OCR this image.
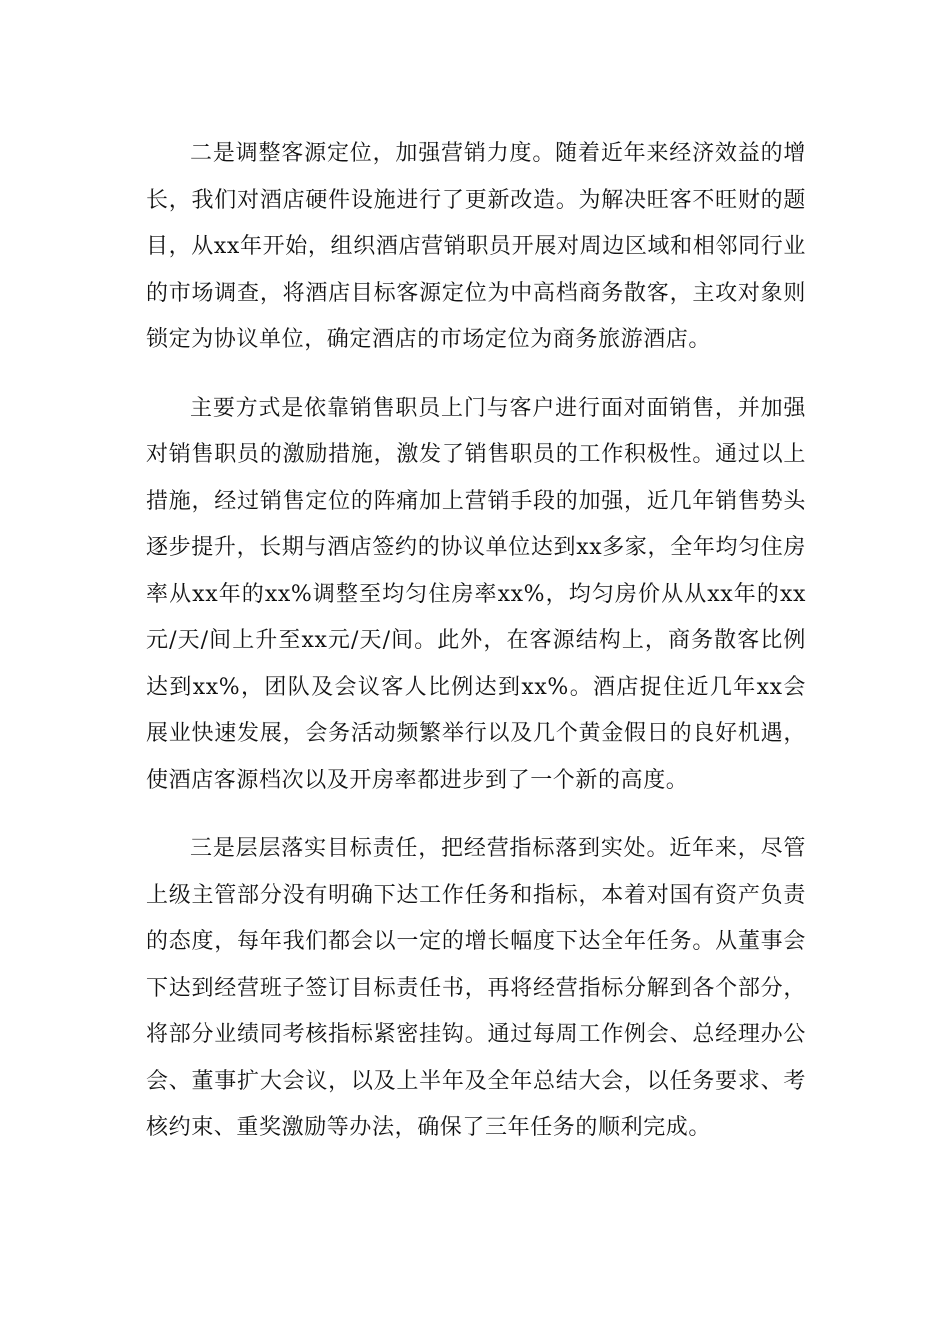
二是调整客源定位，加强营销力度。随着近年来经济效益的增长，我们对酒店硬件设施进行了更新改造。为解决旺客不旺财的题目，从xx年开始，组织酒店营销职员开展对周边区域和相邻同行业的市场调查，将酒店目标客源定位为中高档商务散客，主攻对象则锁定为协议单位，确定酒店的市场定位为商务旅游酒店。

主要方式是依靠销售职员上门与客户进行面对面销售，并加强对销售职员的激励措施，激发了销售职员的工作积极性。通过以上措施，经过销售定位的阵痛加上营销手段的加强，近几年销售势头逐步提升，长期与酒店签约的协议单位达到xx多家，全年均匀住房率从xx年的xx%调整至均匀住房率xx%，均匀房价从从xx年的xx元/天/间上升至xx元/天/间。此外，在客源结构上，商务散客比例达到xx%，团队及会议客人比例达到xx%。酒店捉住近几年xx会展业快速发展，会务活动频繁举行以及几个黄金假日的良好机遇，使酒店客源档次以及开房率都进步到了一个新的高度。

三是层层落实目标责任，把经营指标落到实处。近年来，尽管上级主管部分没有明确下达工作任务和指标，本着对国有资产负责的态度，每年我们都会以一定的增长幅度下达全年任务。从董事会下达到经营班子签订目标责任书，再将经营指标分解到各个部分，将部分业绩同考核指标紧密挂钩。通过每周工作例会、总经理办公会、董事扩大会议，以及上半年及全年总结大会，以任务要求、考核约束、重奖激励等办法，确保了三年任务的顺利完成。
